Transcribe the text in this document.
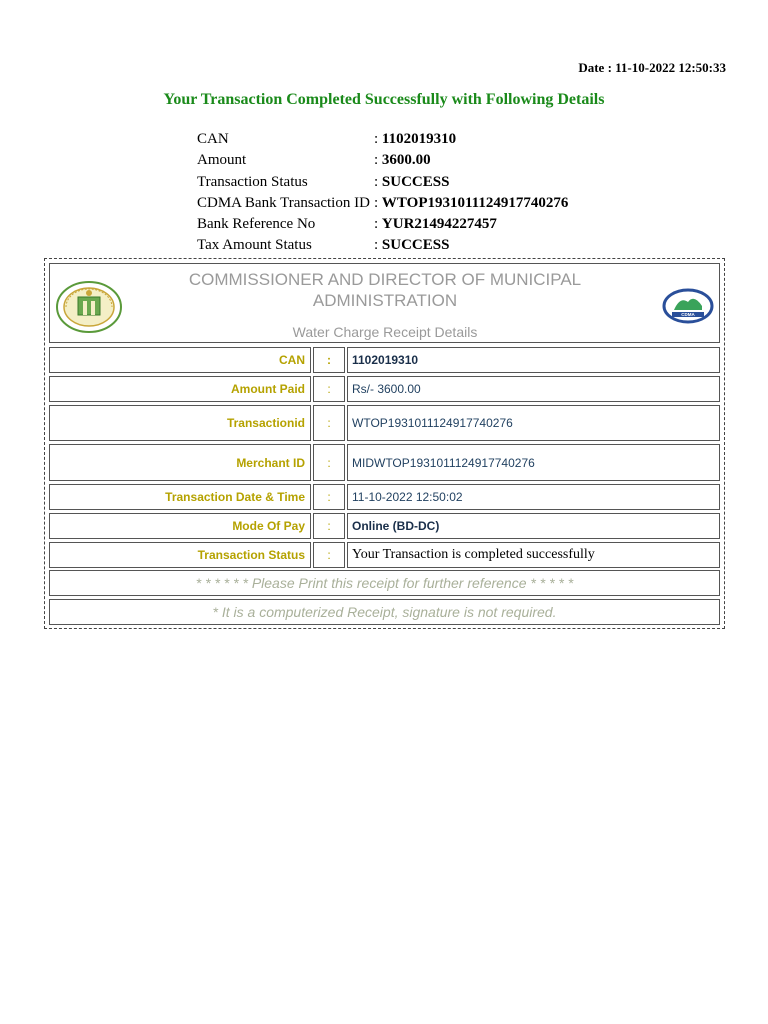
Date : 11-10-2022 12:50:33
Your Transaction Completed Successfully with Following Details
CAN	: 1102019310
Amount	: 3600.00
Transaction Status	: SUCCESS
CDMA Bank Transaction ID	: WTOP1931011124917740276
Bank Reference No	: YUR21494227457
Tax Amount Status	: SUCCESS
COMMISSIONER AND DIRECTOR OF MUNICIPAL ADMINISTRATION
Water Charge Receipt Details
CDMA
CAN	:	1102019310
Amount Paid	:	Rs/- 3600.00
Transactionid	:	WTOP1931011124917740276
Merchant ID	:	MIDWTOP1931011124917740276
Transaction Date & Time	:	11-10-2022 12:50:02
Mode Of Pay	:	Online (BD-DC)
Transaction Status	:	Your Transaction is completed successfully
* * * * * * Please Print this receipt for further reference * * * * *
* It is a computerized Receipt, signature is not required.
